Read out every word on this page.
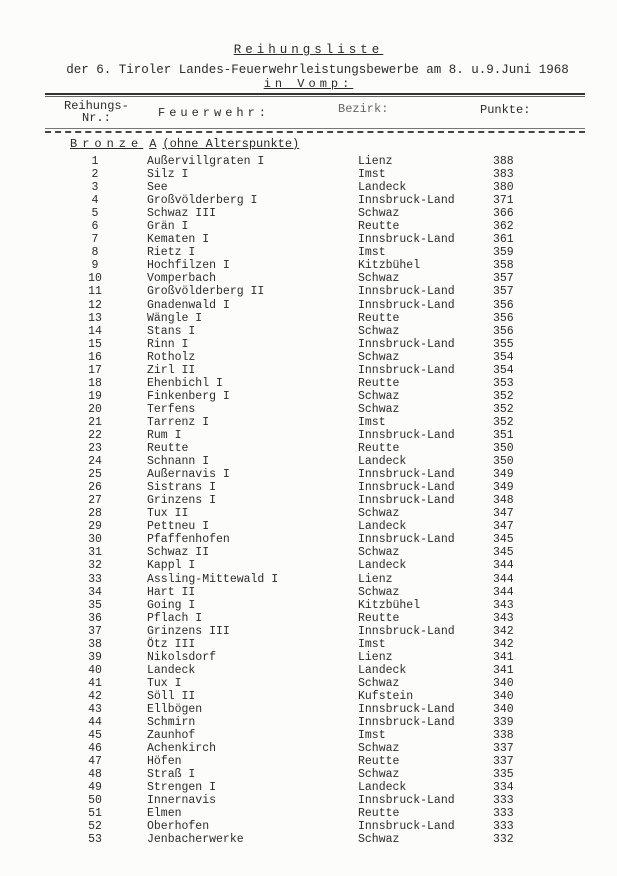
Reihungsliste
der 6. Tiroler Landes-Feuerwehrleistungsbewerbe am 8. u.9.Juni 1968
in Vomp:
Reihungs-
Nr.:	Feuerwehr:	Bezirk:	Punkte:
Bronze A (ohne Alterspunkte)
1	Außervillgraten I	Lienz	388
2	Silz I	Imst	383
3	See	Landeck	380
4	Großvölderberg I	Innsbruck-Land	371
5	Schwaz III	Schwaz	366
6	Grän I	Reutte	362
7	Kematen I	Innsbruck-Land	361
8	Rietz I	Imst	359
9	Hochfilzen I	Kitzbühel	358
10	Vomperbach	Schwaz	357
11	Großvölderberg II	Innsbruck-Land	357
12	Gnadenwald I	Innsbruck-Land	356
13	Wängle I	Reutte	356
14	Stans I	Schwaz	356
15	Rinn I	Innsbruck-Land	355
16	Rotholz	Schwaz	354
17	Zirl II	Innsbruck-Land	354
18	Ehenbichl I	Reutte	353
19	Finkenberg I	Schwaz	352
20	Terfens	Schwaz	352
21	Tarrenz I	Imst	352
22	Rum I	Innsbruck-Land	351
23	Reutte	Reutte	350
24	Schnann I	Landeck	350
25	Außernavis I	Innsbruck-Land	349
26	Sistrans I	Innsbruck-Land	349
27	Grinzens I	Innsbruck-Land	348
28	Tux II	Schwaz	347
29	Pettneu I	Landeck	347
30	Pfaffenhofen	Innsbruck-Land	345
31	Schwaz II	Schwaz	345
32	Kappl I	Landeck	344
33	Assling-Mittewald I	Lienz	344
34	Hart II	Schwaz	344
35	Going I	Kitzbühel	343
36	Pflach I	Reutte	343
37	Grinzens III	Innsbruck-Land	342
38	Ötz III	Imst	342
39	Nikolsdorf	Lienz	341
40	Landeck	Landeck	341
41	Tux I	Schwaz	340
42	Söll II	Kufstein	340
43	Ellbögen	Innsbruck-Land	340
44	Schmirn	Innsbruck-Land	339
45	Zaunhof	Imst	338
46	Achenkirch	Schwaz	337
47	Höfen	Reutte	337
48	Straß I	Schwaz	335
49	Strengen I	Landeck	334
50	Innernavis	Innsbruck-Land	333
51	Elmen	Reutte	333
52	Oberhofen	Innsbruck-Land	333
53	Jenbacherwerke	Schwaz	332
